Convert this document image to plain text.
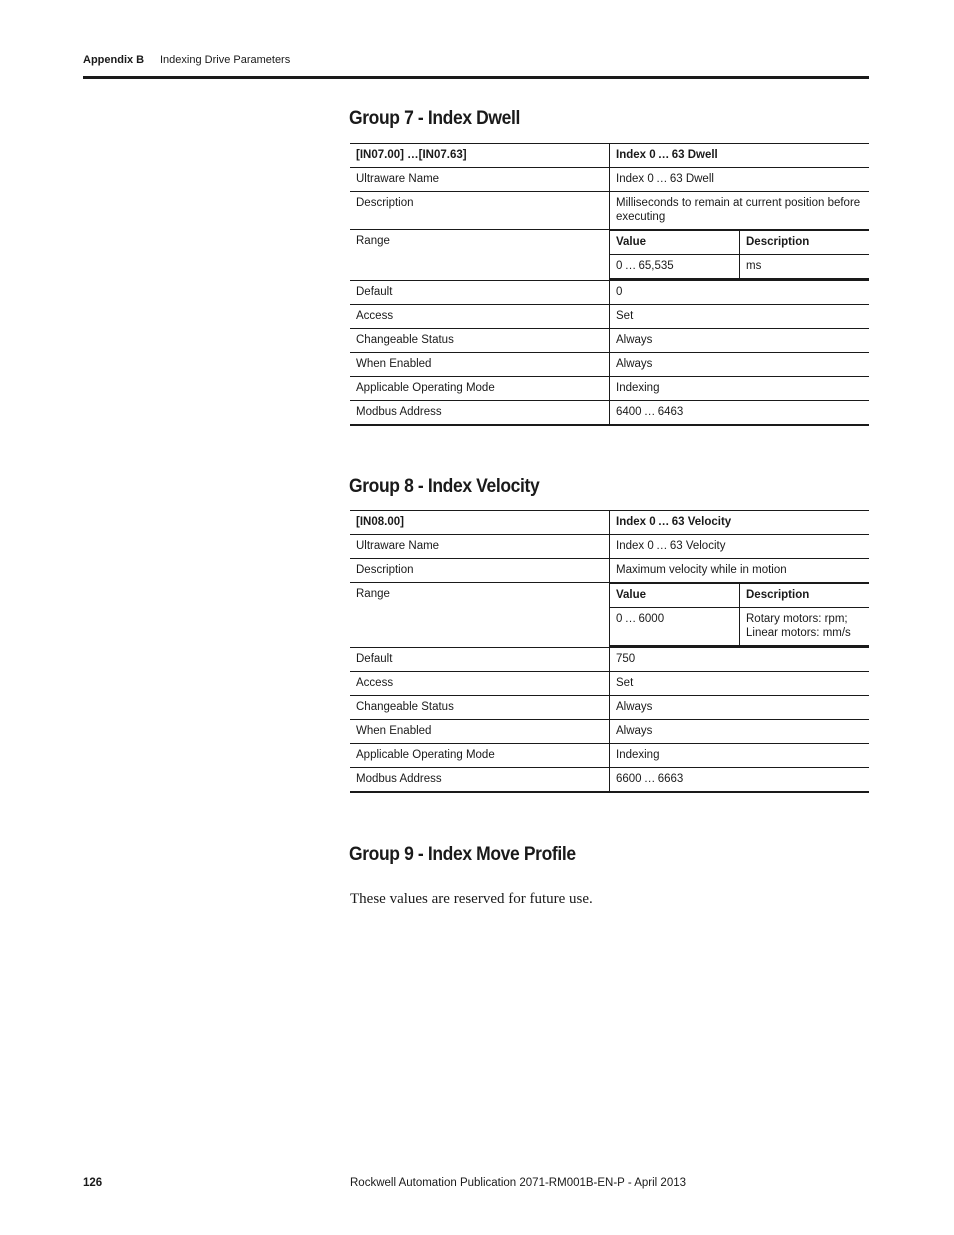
Appendix B Indexing Drive Parameters
Group 7 - Index Dwell
[IN07.00] …[IN07.63]	Index 0 … 63 Dwell
Ultraware Name	Index 0 … 63 Dwell
Description	Milliseconds to remain at current position before executing
Range		Value	Description
0 … 65,535	ms

Default	0
Access	Set
Changeable Status	Always
When Enabled	Always
Applicable Operating Mode	Indexing
Modbus Address	6400 … 6463
Group 8 - Index Velocity
[IN08.00]	Index 0 … 63 Velocity
Ultraware Name	Index 0 … 63 Velocity
Description	Maximum velocity while in motion
Range		Value	Description
0 … 6000	Rotary motors: rpm;
Linear motors: mm/s

Default	750
Access	Set
Changeable Status	Always
When Enabled	Always
Applicable Operating Mode	Indexing
Modbus Address	6600 … 6663
Group 9 - Index Move Profile
These values are reserved for future use.
126	Rockwell Automation Publication 2071-RM001B-EN-P - April 2013
